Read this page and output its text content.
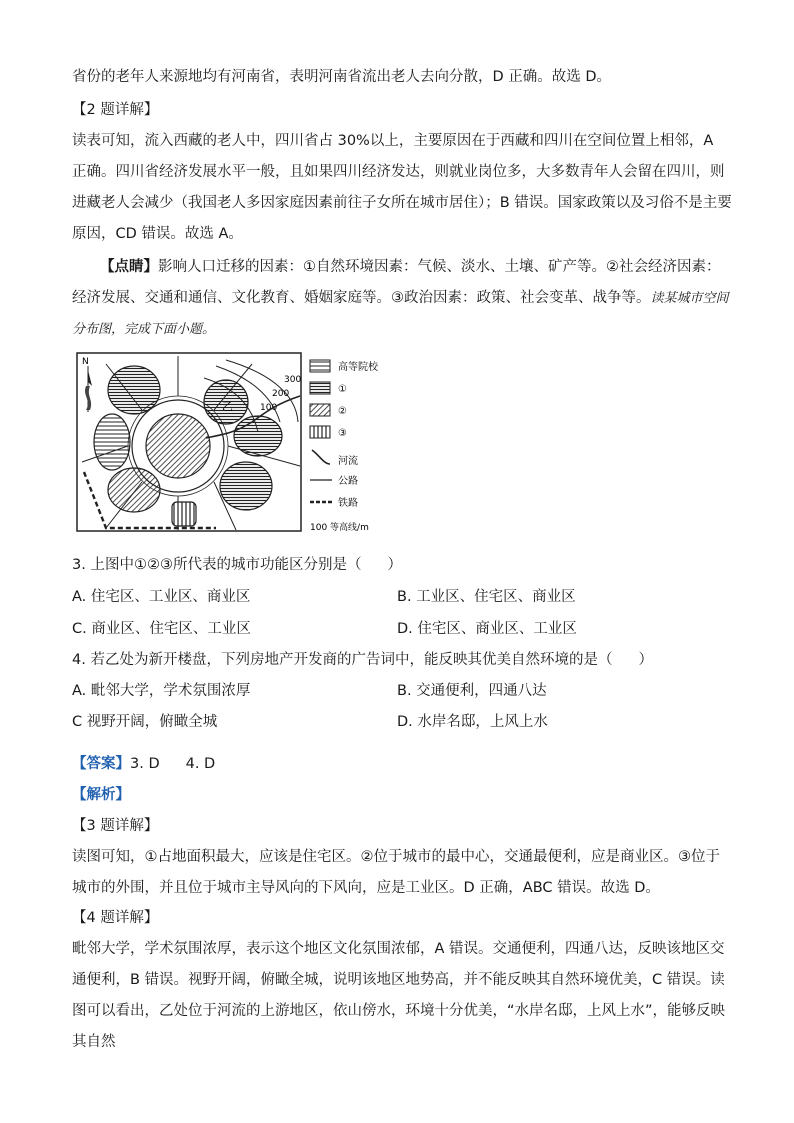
省份的老年人来源地均有河南省，表明河南省流出老人去向分散，D 正确。故选 D。

【2 题详解】

读表可知，流入西藏的老人中，四川省占 30%以上，主要原因在于西藏和四川在空间位置上相邻，A 正确。四川省经济发展水平一般，且如果四川经济发达，则就业岗位多，大多数青年人会留在四川，则进藏老人会减少（我国老人多因家庭因素前往子女所在城市居住）；B 错误。国家政策以及习俗不是主要原因，CD 错误。故选 A。

【点睛】影响人口迁移的因素：①自然环境因素：气候、淡水、土壤、矿产等。②社会经济因素：经济发展、交通和通信、文化教育、婚姻家庭等。③政治因素：政策、社会变革、战争等。读某城市空间分布图，完成下面小题。

N
300
200
100
乙
高等院校
①
②
③
河流
公路
铁路
100 等高线/m

3. 上图中①②③所代表的城市功能区分别是（ ）

A. 住宅区、工业区、商业区	B. 工业区、住宅区、商业区

C. 商业区、住宅区、工业区	D. 住宅区、商业区、工业区

4. 若乙处为新开楼盘，下列房地产开发商的广告词中，能反映其优美自然环境的是（ ）

A. 毗邻大学，学术氛围浓厚	B. 交通便利，四通八达

C 视野开阔，俯瞰全城	D. 水岸名邸，上风上水

【答案】3. D 4. D

【解析】

【3 题详解】

读图可知，①占地面积最大，应该是住宅区。②位于城市的最中心，交通最便利，应是商业区。③位于城市的外围，并且位于城市主导风向的下风向，应是工业区。D 正确，ABC 错误。故选 D。

【4 题详解】

毗邻大学，学术氛围浓厚，表示这个地区文化氛围浓郁，A 错误。交通便利，四通八达，反映该地区交通便利，B 错误。视野开阔，俯瞰全城，说明该地区地势高，并不能反映其自然环境优美，C 错误。读图可以看出，乙处位于河流的上游地区，依山傍水，环境十分优美，“水岸名邸，上风上水”，能够反映其自然
